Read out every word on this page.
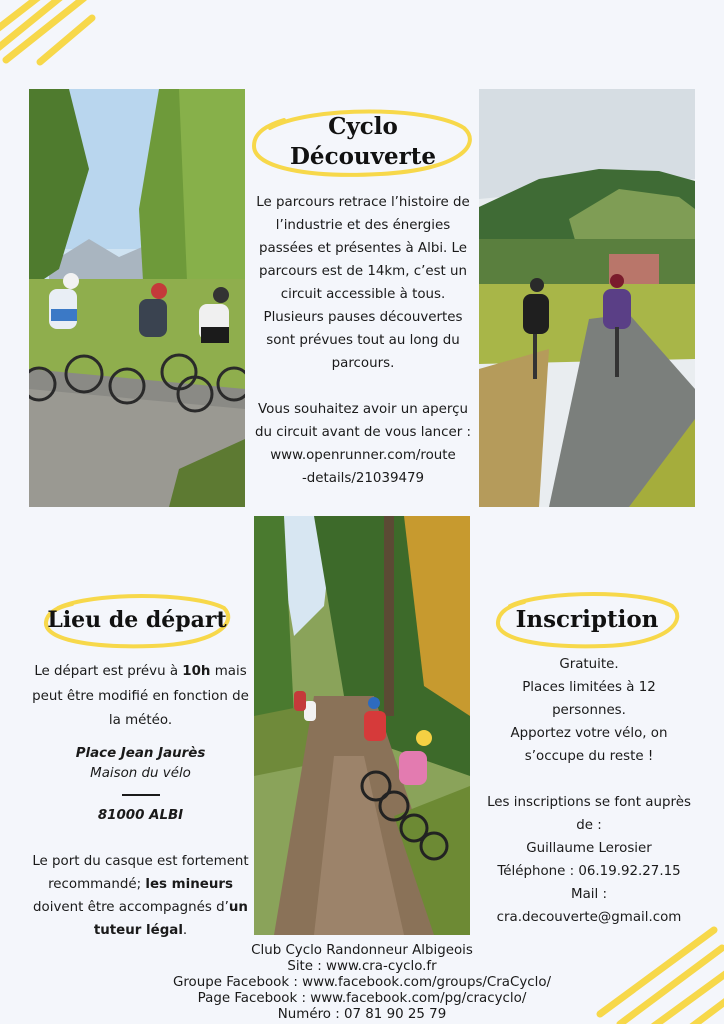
Cyclo
Découverte

Le parcours retrace l’histoire de l’industrie et des énergies passées et présentes à Albi. Le parcours est de 14km, c’est un circuit accessible à tous. Plusieurs pauses découvertes sont prévues tout au long du parcours.

Vous souhaitez avoir un aperçu du circuit avant de vous lancer :

www.openrunner.com/route

-details/21039479

Lieu de départ

Le départ est prévu à 10h mais peut être modifié en fonction de la météo.

Place Jean Jaurès

Maison du vélo

81000 ALBI

Le port du casque est fortement recommandé; les mineurs doivent être accompagnés d’un tuteur légal.

Inscription

Gratuite.

Places limitées à 12 personnes.

Apportez votre vélo, on s’occupe du reste !

Les inscriptions se font auprès de :

Guillaume Lerosier

Téléphone : 06.19.92.27.15

Mail :

cra.decouverte@gmail.com

Club Cyclo Randonneur Albigeois

Site : www.cra-cyclo.fr

Groupe Facebook : www.facebook.com/groups/CraCyclo/

Page Facebook : www.facebook.com/pg/cracyclo/

Numéro : 07 81 90 25 79
